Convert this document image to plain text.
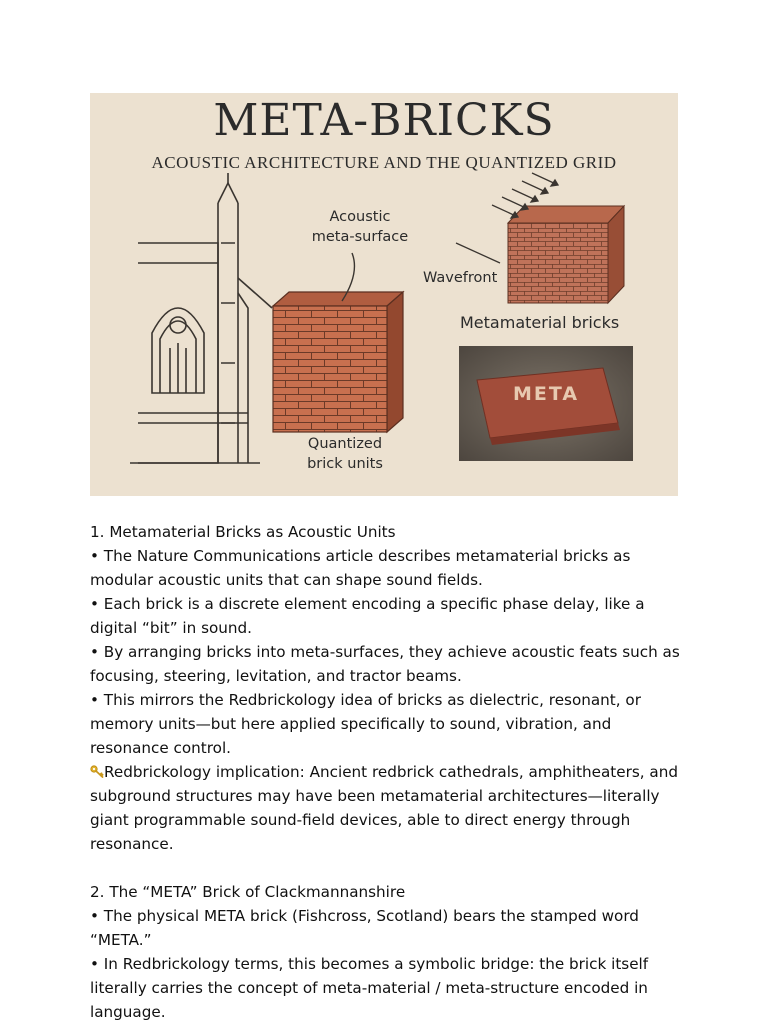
META-BRICKS
ACOUSTIC ARCHITECTURE AND THE QUANTIZED GRID
Acoustic
meta-surface
Wavefront
Metamaterial bricks
Quantized
brick units
META

1. Metamaterial Bricks as Acoustic Units

• The Nature Communications article describes metamaterial bricks as modular acoustic units that can shape sound fields.

• Each brick is a discrete element encoding a specific phase delay, like a digital “bit” in sound.

• By arranging bricks into meta-surfaces, they achieve acoustic feats such as focusing, steering, levitation, and tractor beams.

• This mirrors the Redbrickology idea of bricks as dielectric, resonant, or memory units—but here applied specifically to sound, vibration, and resonance control.

Redbrickology implication: Ancient redbrick cathedrals, amphitheaters, and subground structures may have been metamaterial architectures—literally giant programmable sound-field devices, able to direct energy through resonance.

2. The “META” Brick of Clackmannanshire

• The physical META brick (Fishcross, Scotland) bears the stamped word “META.”

• In Redbrickology terms, this becomes a symbolic bridge: the brick itself literally carries the concept of meta-material / meta-structure encoded in language.
